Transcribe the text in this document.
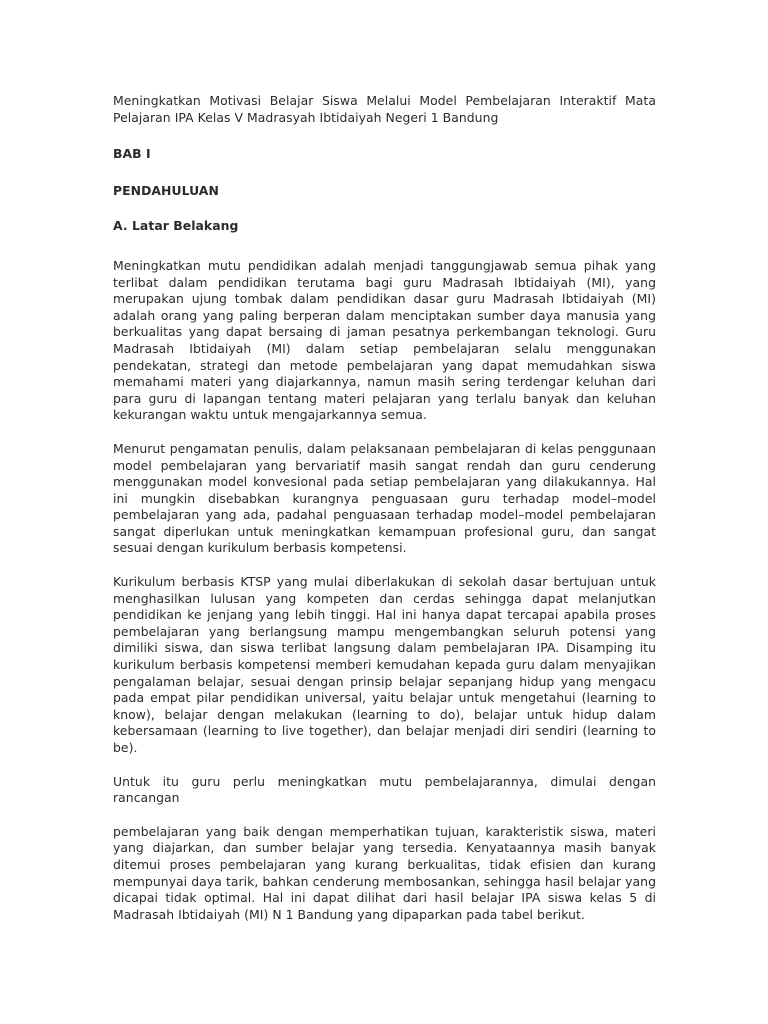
Meningkatkan Motivasi Belajar Siswa Melalui Model Pembelajaran Interaktif Mata Pelajaran IPA Kelas V Madrasyah Ibtidaiyah Negeri 1 Bandung

BAB I

PENDAHULUAN

A. Latar Belakang

Meningkatkan mutu pendidikan adalah menjadi tanggungjawab semua pihak yang terlibat dalam pendidikan terutama bagi guru Madrasah Ibtidaiyah (MI), yang merupakan ujung tombak dalam pendidikan dasar guru Madrasah Ibtidaiyah (MI) adalah orang yang paling berperan dalam menciptakan sumber daya manusia yang berkualitas yang dapat bersaing di jaman pesatnya perkembangan teknologi. Guru Madrasah Ibtidaiyah (MI) dalam setiap pembelajaran selalu menggunakan pendekatan, strategi dan metode pembelajaran yang dapat memudahkan siswa memahami materi yang diajarkannya, namun masih sering terdengar keluhan dari para guru di lapangan tentang materi pelajaran yang terlalu banyak dan keluhan kekurangan waktu untuk mengajarkannya semua.

Menurut pengamatan penulis, dalam pelaksanaan pembelajaran di kelas penggunaan model pembelajaran yang bervariatif masih sangat rendah dan guru cenderung menggunakan model konvesional pada setiap pembelajaran yang dilakukannya. Hal ini mungkin disebabkan kurangnya penguasaan guru terhadap model–model pembelajaran yang ada, padahal penguasaan terhadap model–model pembelajaran sangat diperlukan untuk meningkatkan kemampuan profesional guru, dan sangat sesuai dengan kurikulum berbasis kompetensi.

Kurikulum berbasis KTSP yang mulai diberlakukan di sekolah dasar bertujuan untuk menghasilkan lulusan yang kompeten dan cerdas sehingga dapat melanjutkan pendidikan ke jenjang yang lebih tinggi. Hal ini hanya dapat tercapai apabila proses pembelajaran yang berlangsung mampu mengembangkan seluruh potensi yang dimiliki siswa, dan siswa terlibat langsung dalam pembelajaran IPA. Disamping itu kurikulum berbasis kompetensi memberi kemudahan kepada guru dalam menyajikan pengalaman belajar, sesuai dengan prinsip belajar sepanjang hidup yang mengacu pada empat pilar pendidikan universal, yaitu belajar untuk mengetahui (learning to know), belajar dengan melakukan (learning to do), belajar untuk hidup dalam kebersamaan (learning to live together), dan belajar menjadi diri sendiri (learning to be).

Untuk itu guru perlu meningkatkan mutu pembelajarannya, dimulai dengan rancangan

pembelajaran yang baik dengan memperhatikan tujuan, karakteristik siswa, materi yang diajarkan, dan sumber belajar yang tersedia. Kenyataannya masih banyak ditemui proses pembelajaran yang kurang berkualitas, tidak efisien dan kurang mempunyai daya tarik, bahkan cenderung membosankan, sehingga hasil belajar yang dicapai tidak optimal. Hal ini dapat dilihat dari hasil belajar IPA siswa kelas 5 di Madrasah Ibtidaiyah (MI) N 1 Bandung yang dipaparkan pada tabel berikut.
